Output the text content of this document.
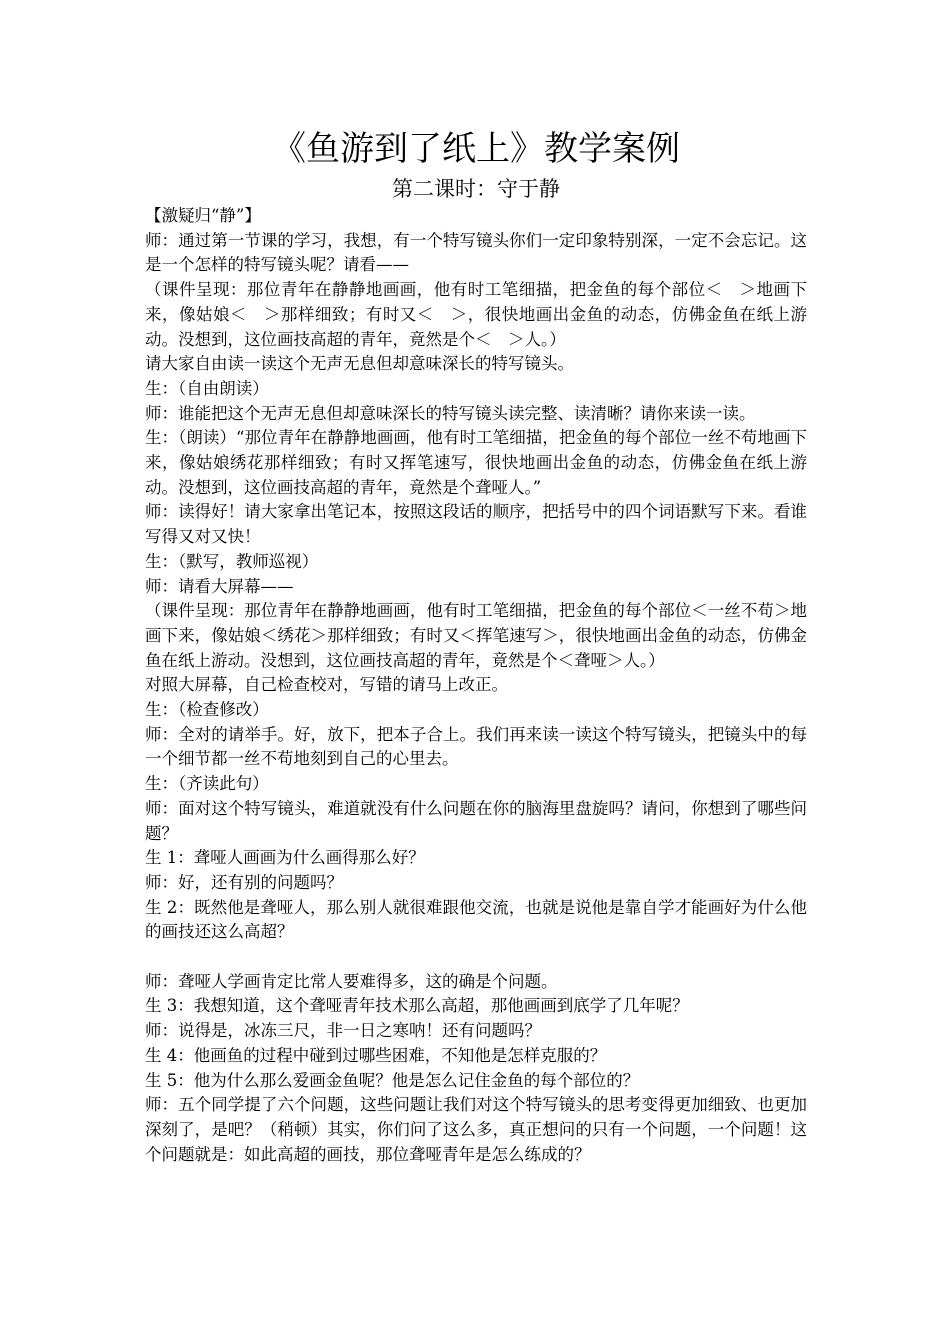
《鱼游到了纸上》教学案例
第二课时：守于静

【激疑归“静”】

师：通过第一节课的学习，我想，有一个特写镜头你们一定印象特别深，一定不会忘记。这是一个怎样的特写镜头呢？请看——

（课件呈现：那位青年在静静地画画，他有时工笔细描，把金鱼的每个部位＜　＞地画下来，像姑娘＜　＞那样细致；有时又＜　＞，很快地画出金鱼的动态，仿佛金鱼在纸上游动。没想到，这位画技高超的青年，竟然是个＜　＞人。）

请大家自由读一读这个无声无息但却意味深长的特写镜头。

生：（自由朗读）

师：谁能把这个无声无息但却意味深长的特写镜头读完整、读清晰？请你来读一读。

生：（朗读）“那位青年在静静地画画，他有时工笔细描，把金鱼的每个部位一丝不苟地画下来，像姑娘绣花那样细致；有时又挥笔速写，很快地画出金鱼的动态，仿佛金鱼在纸上游动。没想到，这位画技高超的青年，竟然是个聋哑人。”

师：读得好！请大家拿出笔记本，按照这段话的顺序，把括号中的四个词语默写下来。看谁写得又对又快！

生：（默写，教师巡视）

师：请看大屏幕——

（课件呈现：那位青年在静静地画画，他有时工笔细描，把金鱼的每个部位＜一丝不苟＞地画下来，像姑娘＜绣花＞那样细致；有时又＜挥笔速写＞，很快地画出金鱼的动态，仿佛金鱼在纸上游动。没想到，这位画技高超的青年，竟然是个＜聋哑＞人。）

对照大屏幕，自己检查校对，写错的请马上改正。

生：（检查修改）

师：全对的请举手。好，放下，把本子合上。我们再来读一读这个特写镜头，把镜头中的每一个细节都一丝不苟地刻到自己的心里去。

生：（齐读此句）

师：面对这个特写镜头，难道就没有什么问题在你的脑海里盘旋吗？请问，你想到了哪些问题？

生 1：聋哑人画画为什么画得那么好？

师：好，还有别的问题吗？

生 2：既然他是聋哑人，那么别人就很难跟他交流，也就是说他是靠自学才能画好为什么他的画技还这么高超？

师：聋哑人学画肯定比常人要难得多，这的确是个问题。

生 3：我想知道，这个聋哑青年技术那么高超，那他画画到底学了几年呢？

师：说得是，冰冻三尺，非一日之寒呐！还有问题吗？

生 4：他画鱼的过程中碰到过哪些困难，不知他是怎样克服的？

生 5：他为什么那么爱画金鱼呢？他是怎么记住金鱼的每个部位的？

师：五个同学提了六个问题，这些问题让我们对这个特写镜头的思考变得更加细致、也更加深刻了，是吧？（稍顿）其实，你们问了这么多，真正想问的只有一个问题，一个问题！这个问题就是：如此高超的画技，那位聋哑青年是怎么练成的？
